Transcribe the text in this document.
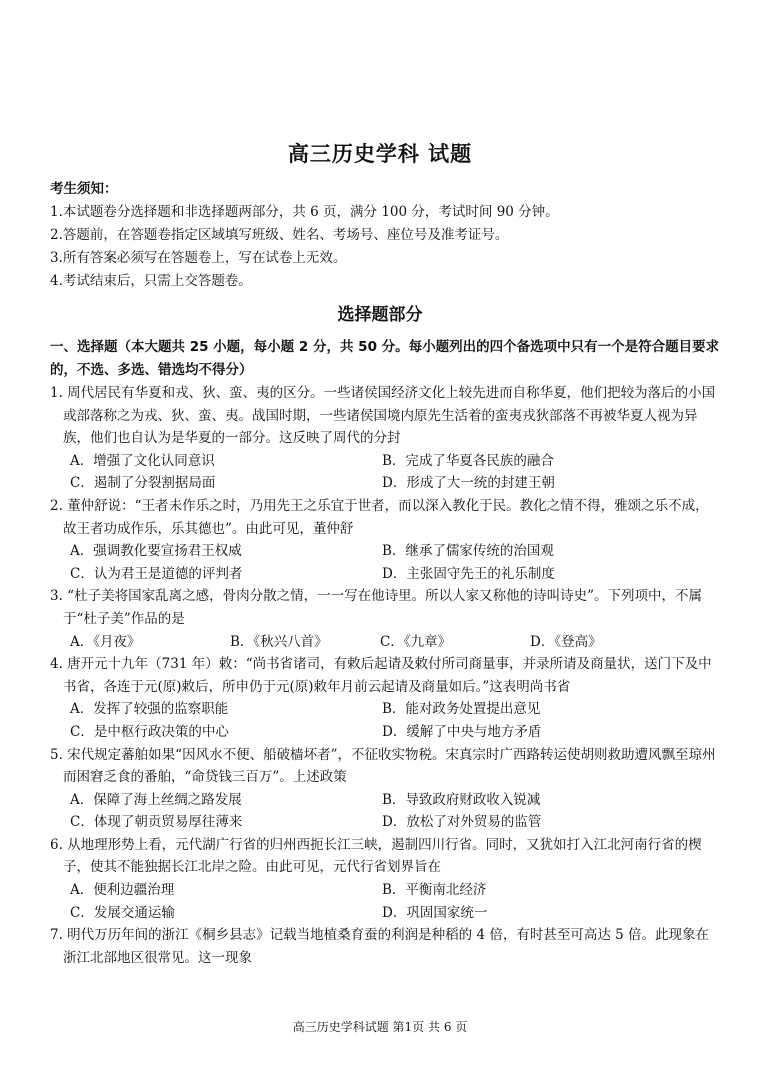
高三历史学科 试题
考生须知：
1.本试题卷分选择题和非选择题两部分，共 6 页，满分 100 分，考试时间 90 分钟。
2.答题前，在答题卷指定区域填写班级、姓名、考场号、座位号及准考证号。
3.所有答案必须写在答题卷上，写在试卷上无效。
4.考试结束后，只需上交答题卷。
选择题部分
一、选择题（本大题共 25 小题，每小题 2 分，共 50 分。每小题列出的四个备选项中只有一个是符合题目要求的，不选、多选、错选均不得分）
1. 周代居民有华夏和戎、狄、蛮、夷的区分。一些诸侯国经济文化上较先进而自称华夏，他们把较为落后的小国或部落称之为戎、狄、蛮、夷。战国时期，一些诸侯国境内原先生活着的蛮夷戎狄部落不再被华夏人视为异族，他们也自认为是华夏的一部分。这反映了周代的分封
A．增强了文化认同意识	B．完成了华夏各民族的融合
C．遏制了分裂割据局面	D．形成了大一统的封建王朝
2. 董仲舒说：“王者未作乐之时，乃用先王之乐宜于世者，而以深入教化于民。教化之情不得，雅颂之乐不成，故王者功成作乐，乐其德也”。由此可见，董仲舒
A．强调教化要宣扬君王权威	B．继承了儒家传统的治国观
C．认为君王是道德的评判者	D．主张固守先王的礼乐制度
3. “杜子美将国家乱离之感，骨肉分散之情，一一写在他诗里。所以人家又称他的诗叫诗史”。下列项中，不属于“杜子美”作品的是
A．《月夜》	B．《秋兴八首》	C．《九章》	D．《登高》
4. 唐开元十九年（731 年）敕：“尚书省诸司，有敕后起请及敕付所司商量事，并录所请及商量状，送门下及中书省，各连于元(原)敕后，所申仍于元(原)敕年月前云起请及商量如后。”这表明尚书省
A．发挥了较强的监察职能	B．能对政务处置提出意见
C．是中枢行政决策的中心	D．缓解了中央与地方矛盾
5. 宋代规定蕃舶如果“因风水不便、船破樯坏者”，不征收实物税。宋真宗时广西路转运使胡则救助遭风飘至琼州而困窘乏食的番舶，“命贷钱三百万”。上述政策
A．保障了海上丝绸之路发展	B．导致政府财政收入锐减
C．体现了朝贡贸易厚往薄来	D．放松了对外贸易的监管
6. 从地理形势上看，元代湖广行省的归州西扼长江三峡，遏制四川行省。同时，又犹如打入江北河南行省的楔子，使其不能独据长江北岸之险。由此可见，元代行省划界旨在
A．便利边疆治理	B．平衡南北经济
C．发展交通运输	D．巩固国家统一
7. 明代万历年间的浙江《桐乡县志》记载当地植桑育蚕的利润是种稻的 4 倍，有时甚至可高达 5 倍。此现象在浙江北部地区很常见。这一现象
高三历史学科试题 第1页 共 6 页
